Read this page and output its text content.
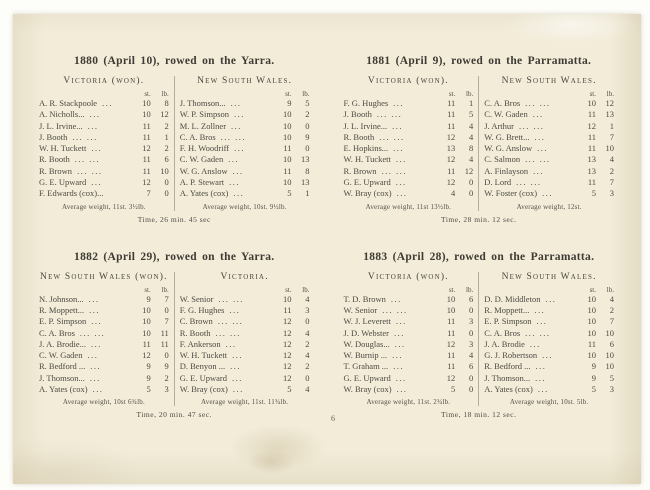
1880 (April 10), rowed on the Yarra.
Victoria (won).
st.	lb.
A. R. Stackpoole ...	10	8
A. Nicholls... ...	10	12
J. L. Irvine... ...	11	2
J. Booth ... ...	11	1
W. H. Tuckett ...	12	2
R. Booth ... ...	11	6
R. Brown ... ...	11	10
G. E. Upward ...	12	0
F. Edwards (cox)...	7	0
Average weight, 11st. 3½lb.
New South Wales.
st.	lb.
J. Thomson... ...	9	5
W. P. Simpson ...	10	2
M. L. Zollner ...	10	0
C. A. Bros ... ...	10	9
F. H. Woodriff ...	11	0
C. W. Gaden ...	10	13
W. G. Anslow ...	11	8
A. P. Stewart ...	10	13
A. Yates (cox) ...	5	1
Average weight, 10st. 9½lb.
Time, 26 min. 45 sec
1881 (April 9), rowed on the Parramatta.
Victoria (won).
st.	lb.
F. G. Hughes ...	11	1
J. Booth ... ...	11	5
J. L. Irvine... ...	11	4
R. Booth ... ...	12	4
E. Hopkins... ...	13	8
W. H. Tuckett ...	12	4
R. Brown ... ...	11	12
G. E. Upward ...	12	0
W. Bray (cox) ...	4	0
Average weight, 11st 13½lb.
New South Wales.
st.	lb.
C. A. Bros ... ...	10	12
C. W. Gaden ...	11	13
J. Arthur ... ...	12	1
W. G. Brett... ...	11	7
W. G. Anslow ...	11	10
C. Salmon ... ...	13	4
A. Finlayson ...	13	2
D. Lord ... ...	11	7
W. Foster (cox) ...	5	3
Average weight, 12st.
Time, 28 min. 12 sec.
1882 (April 29), rowed on the Yarra.
New South Wales (won).
st.	lb.
N. Johnson... ...	9	7
R. Moppett... ...	10	0
E. P. Simpson ...	10	7
C. A. Bros ... ...	10	11
J. A. Brodie... ...	11	11
C. W. Gaden ...	12	0
R. Bedford ... ...	9	9
J. Thomson... ...	9	2
A. Yates (cox) ...	5	3
Average weight, 10st 6¾lb.
Victoria.
st.	lb.
W. Senior ... ...	10	4
F. G. Hughes ...	11	3
C. Brown ... ...	12	0
R. Booth ... ...	12	4
F. Ankerson ...	12	2
W. H. Tuckett ...	12	4
D. Benyon ... ...	12	2
G. E. Upward ...	12	0
W. Bray (cox) ...	5	4
Average weight, 11st. 11¾lb.
Time, 20 min. 47 sec.
1883 (April 28), rowed on the Parramatta.
Victoria (won).
st.	lb.
T. D. Brown ...	10	6
W. Senior ... ...	10	0
W. J. Leverett ...	11	3
J. D. Webster ...	11	0
W. Douglas... ...	12	3
W. Burnip ... ...	11	4
T. Graham ... ...	11	6
G. E. Upward ...	12	0
W. Bray (cox) ...	5	0
Average weight, 11st. 2¾lb.
New South Wales.
st.	lb.
D. D. Middleton ...	10	4
R. Moppett... ...	10	2
E. P. Simpson ...	10	7
C. A. Bros ... ...	10	10
J. A. Brodie ...	11	6
G. J. Robertson ...	10	10
R. Bedford ... ...	9	10
J. Thomson... ...	9	5
A. Yates (cox) ...	5	3
Average weight, 10st. 5lb.
Time, 18 min. 12 sec.
6
